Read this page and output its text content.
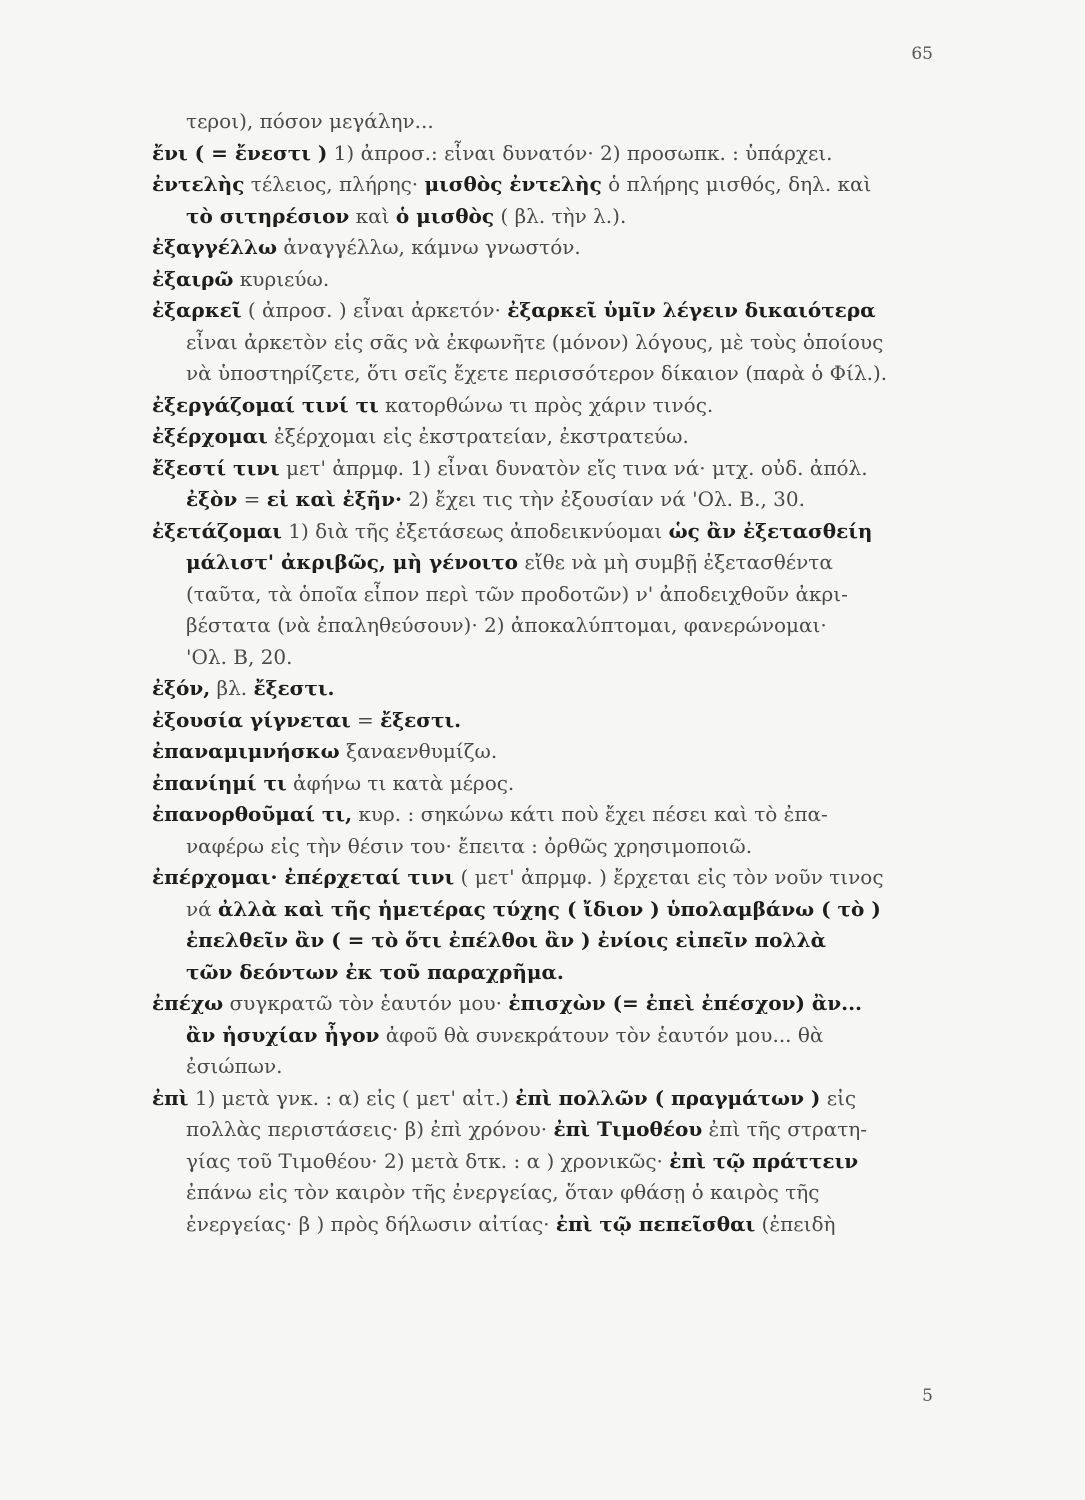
65
τεροι), πόσον μεγάλην...
ἔνι ( = ἔνεστι ) 1) ἀπροσ.: εἶναι δυνατόν· 2) προσωπκ. : ὑπάρχει.
ἐντελὴς τέλειος, πλήρης· μισθὸς ἐντελὴς ὁ πλήρης μισθός, δηλ. καὶ
τὸ σιτηρέσιον καὶ ὁ μισθὸς ( βλ. τὴν λ.).
ἐξαγγέλλω ἀναγγέλλω, κάμνω γνωστόν.
ἐξαιρῶ κυριεύω.
ἐξαρκεῖ ( ἀπροσ. ) εἶναι ἀρκετόν· ἐξαρκεῖ ὑμῖν λέγειν δικαιότερα
εἶναι ἀρκετὸν εἰς σᾶς νὰ ἐκφωνῆτε (μόνον) λόγους, μὲ τοὺς ὁποίους
νὰ ὑποστηρίζετε, ὅτι σεῖς ἔχετε περισσότερον δίκαιον (παρὰ ὁ Φίλ.).
ἐξεργάζομαί τινί τι κατορθώνω τι πρὸς χάριν τινός.
ἐξέρχομαι ἐξέρχομαι εἰς ἐκστρατείαν, ἐκστρατεύω.
ἔξεστί τινι μετ' ἀπρμφ. 1) εἶναι δυνατὸν εἴς τινα νά· μτχ. οὐδ. ἀπόλ.
ἐξὸν = εἰ καὶ ἐξῆν· 2) ἔχει τις τὴν ἐξουσίαν νά 'Ολ. Β., 30.
ἐξετάζομαι 1) διὰ τῆς ἐξετάσεως ἀποδεικνύομαι ὡς ἂν ἐξετασθείη
μάλιστ' ἀκριβῶς, μὴ γένοιτο εἴθε νὰ μὴ συμβῇ ἐξετασθέντα
(ταῦτα, τὰ ὁποῖα εἶπον περὶ τῶν προδοτῶν) ν' ἀποδειχθοῦν ἀκρι-
βέστατα (νὰ ἐπαληθεύσουν)· 2) ἀποκαλύπτομαι, φανερώνομαι·
'Ολ. Β, 20.
ἐξόν, βλ. ἔξεστι.
ἐξουσία γίγνεται = ἔξεστι.
ἐπαναμιμνήσκω ξαναενθυμίζω.
ἐπανίημί τι ἀφήνω τι κατὰ μέρος.
ἐπανορθοῦμαί τι, κυρ. : σηκώνω κάτι ποὺ ἔχει πέσει καὶ τὸ ἐπα-
ναφέρω εἰς τὴν θέσιν του· ἔπειτα : ὀρθῶς χρησιμοποιῶ.
ἐπέρχομαι· ἐπέρχεταί τινι ( μετ' ἀπρμφ. ) ἔρχεται εἰς τὸν νοῦν τινος
νά ἀλλὰ καὶ τῆς ἡμετέρας τύχης ( ἴδιον ) ὑπολαμβάνω ( τὸ )
ἐπελθεῖν ἂν ( = τὸ ὅτι ἐπέλθοι ἂν ) ἐνίοις εἰπεῖν πολλὰ
τῶν δεόντων ἐκ τοῦ παραχρῆμα.
ἐπέχω συγκρατῶ τὸν ἑαυτόν μου· ἐπισχὼν (= ἐπεὶ ἐπέσχον) ἂν...
ἂν ἡσυχίαν ἦγον ἀφοῦ θὰ συνεκράτουν τὸν ἑαυτόν μου... θὰ
ἐσιώπων.
ἐπὶ 1) μετὰ γνκ. : α) εἰς ( μετ' αἰτ.) ἐπὶ πολλῶν ( πραγμάτων ) εἰς
πολλὰς περιστάσεις· β) ἐπὶ χρόνου· ἐπὶ Τιμοθέου ἐπὶ τῆς στρατη-
γίας τοῦ Τιμοθέου· 2) μετὰ δτκ. : α ) χρονικῶς· ἐπὶ τῷ πράττειν
ἐπάνω εἰς τὸν καιρὸν τῆς ἐνεργείας, ὅταν φθάσῃ ὁ καιρὸς τῆς
ἐνεργείας· β ) πρὸς δήλωσιν αἰτίας· ἐπὶ τῷ πεπεῖσθαι (ἐπειδὴ
5
